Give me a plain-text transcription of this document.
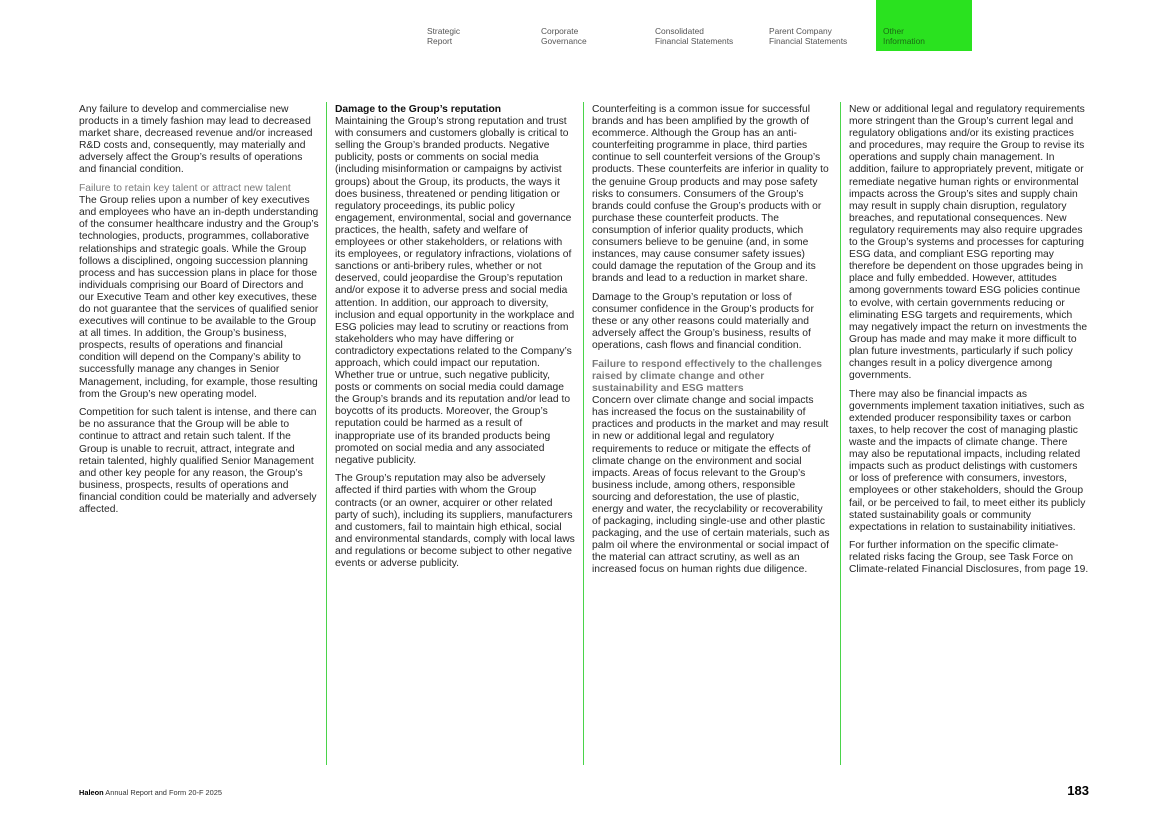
Strategic
Report
Corporate
Governance
Consolidated
Financial Statements
Parent Company
Financial Statements
Other
Information

Any failure to develop and commercialise new products in a timely fashion may lead to decreased market share, decreased revenue and/or increased R&D costs and, consequently, may materially and adversely affect the Group’s results of operations and financial condition.

Failure to retain key talent or attract new talent

The Group relies upon a number of key executives and employees who have an in-depth understanding of the consumer healthcare industry and the Group’s technologies, products, programmes, collaborative relationships and strategic goals. While the Group follows a disciplined, ongoing succession planning process and has succession plans in place for those individuals comprising our Board of Directors and our Executive Team and other key executives, these do not guarantee that the services of qualified senior executives will continue to be available to the Group at all times. In addition, the Group’s business, prospects, results of operations and financial condition will depend on the Company’s ability to successfully manage any changes in Senior Management, including, for example, those resulting from the Group’s new operating model.

Competition for such talent is intense, and there can be no assurance that the Group will be able to continue to attract and retain such talent. If the Group is unable to recruit, attract, integrate and retain talented, highly qualified Senior Management and other key people for any reason, the Group’s business, prospects, results of operations and financial condition could be materially and adversely affected.

Damage to the Group’s reputation

Maintaining the Group’s strong reputation and trust with consumers and customers globally is critical to selling the Group’s branded products. Negative publicity, posts or comments on social media (including misinformation or campaigns by activist groups) about the Group, its products, the ways it does business, threatened or pending litigation or regulatory proceedings, its public policy engagement, environmental, social and governance practices, the health, safety and welfare of employees or other stakeholders, or relations with its employees, or regulatory infractions, violations of sanctions or anti-bribery rules, whether or not deserved, could jeopardise the Group’s reputation and/or expose it to adverse press and social media attention. In addition, our approach to diversity, inclusion and equal opportunity in the workplace and ESG policies may lead to scrutiny or reactions from stakeholders who may have differing or contradictory expectations related to the Company’s approach, which could impact our reputation. Whether true or untrue, such negative publicity, posts or comments on social media could damage the Group’s brands and its reputation and/or lead to boycotts of its products. Moreover, the Group’s reputation could be harmed as a result of inappropriate use of its branded products being promoted on social media and any associated negative publicity.

The Group’s reputation may also be adversely affected if third parties with whom the Group contracts (or an owner, acquirer or other related party of such), including its suppliers, manufacturers and customers, fail to maintain high ethical, social and environmental standards, comply with local laws and regulations or become subject to other negative events or adverse publicity.

Counterfeiting is a common issue for successful brands and has been amplified by the growth of ecommerce. Although the Group has an anti-counterfeiting programme in place, third parties continue to sell counterfeit versions of the Group’s products. These counterfeits are inferior in quality to the genuine Group products and may pose safety risks to consumers. Consumers of the Group’s brands could confuse the Group’s products with or purchase these counterfeit products. The consumption of inferior quality products, which consumers believe to be genuine (and, in some instances, may cause consumer safety issues) could damage the reputation of the Group and its brands and lead to a reduction in market share.

Damage to the Group’s reputation or loss of consumer confidence in the Group’s products for these or any other reasons could materially and adversely affect the Group’s business, results of operations, cash flows and financial condition.

Failure to respond effectively to the challenges raised by climate change and other sustainability and ESG matters

Concern over climate change and social impacts has increased the focus on the sustainability of practices and products in the market and may result in new or additional legal and regulatory requirements to reduce or mitigate the effects of climate change on the environment and social impacts. Areas of focus relevant to the Group’s business include, among others, responsible sourcing and deforestation, the use of plastic, energy and water, the recyclability or recoverability of packaging, including single-use and other plastic packaging, and the use of certain materials, such as palm oil where the environmental or social impact of the material can attract scrutiny, as well as an increased focus on human rights due diligence.

New or additional legal and regulatory requirements more stringent than the Group’s current legal and regulatory obligations and/or its existing practices and procedures, may require the Group to revise its operations and supply chain management. In addition, failure to appropriately prevent, mitigate or remediate negative human rights or environmental impacts across the Group’s sites and supply chain may result in supply chain disruption, regulatory breaches, and reputational consequences. New regulatory requirements may also require upgrades to the Group’s systems and processes for capturing ESG data, and compliant ESG reporting may therefore be dependent on those upgrades being in place and fully embedded. However, attitudes among governments toward ESG policies continue to evolve, with certain governments reducing or eliminating ESG targets and requirements, which may negatively impact the return on investments the Group has made and may make it more difficult to plan future investments, particularly if such policy changes result in a policy divergence among governments.

There may also be financial impacts as governments implement taxation initiatives, such as extended producer responsibility taxes or carbon taxes, to help recover the cost of managing plastic waste and the impacts of climate change. There may also be reputational impacts, including related impacts such as product delistings with customers or loss of preference with consumers, investors, employees or other stakeholders, should the Group fail, or be perceived to fail, to meet either its publicly stated sustainability goals or community expectations in relation to sustainability initiatives.

For further information on the specific climate-related risks facing the Group, see Task Force on Climate-related Financial Disclosures, from page 19.

Haleon Annual Report and Form 20-F 2025	183
